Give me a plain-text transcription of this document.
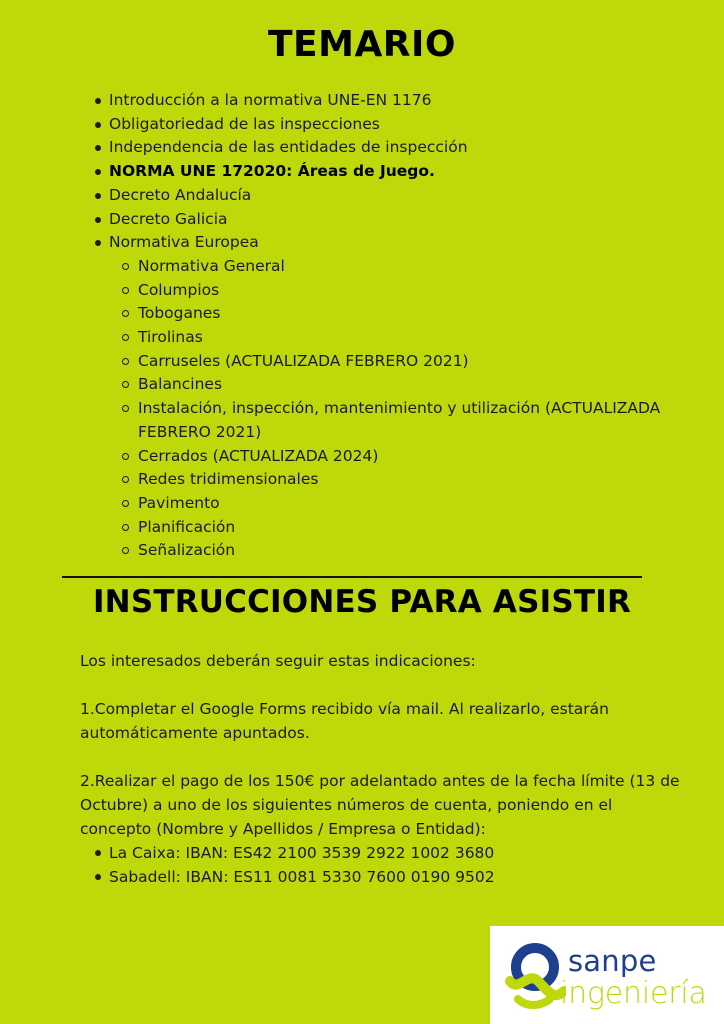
TEMARIO
Introducción a la normativa UNE-EN 1176
Obligatoriedad de las inspecciones
Independencia de las entidades de inspección
NORMA UNE 172020: Áreas de Juego.
Decreto Andalucía
Decreto Galicia
Normativa Europea
Normativa General
Columpios
Toboganes
Tirolinas
Carruseles (ACTUALIZADA FEBRERO 2021)
Balancines
Instalación, inspección, mantenimiento y utilización (ACTUALIZADA FEBRERO 2021)
Cerrados (ACTUALIZADA 2024)
Redes tridimensionales
Pavimento
Planificación
Señalización
INSTRUCCIONES PARA ASISTIR

Los interesados deberán seguir estas indicaciones:

1.Completar el Google Forms recibido vía mail. Al realizarlo, estarán automáticamente apuntados.

2.Realizar el pago de los 150€ por adelantado antes de la fecha límite (13 de Octubre) a uno de los siguientes números de cuenta, poniendo en el concepto (Nombre y Apellidos / Empresa o Entidad):

La Caixa: IBAN: ES42 2100 3539 2922 1002 3680
Sabadell: IBAN: ES11 0081 5330 7600 0190 9502
sanpe
ingeniería
